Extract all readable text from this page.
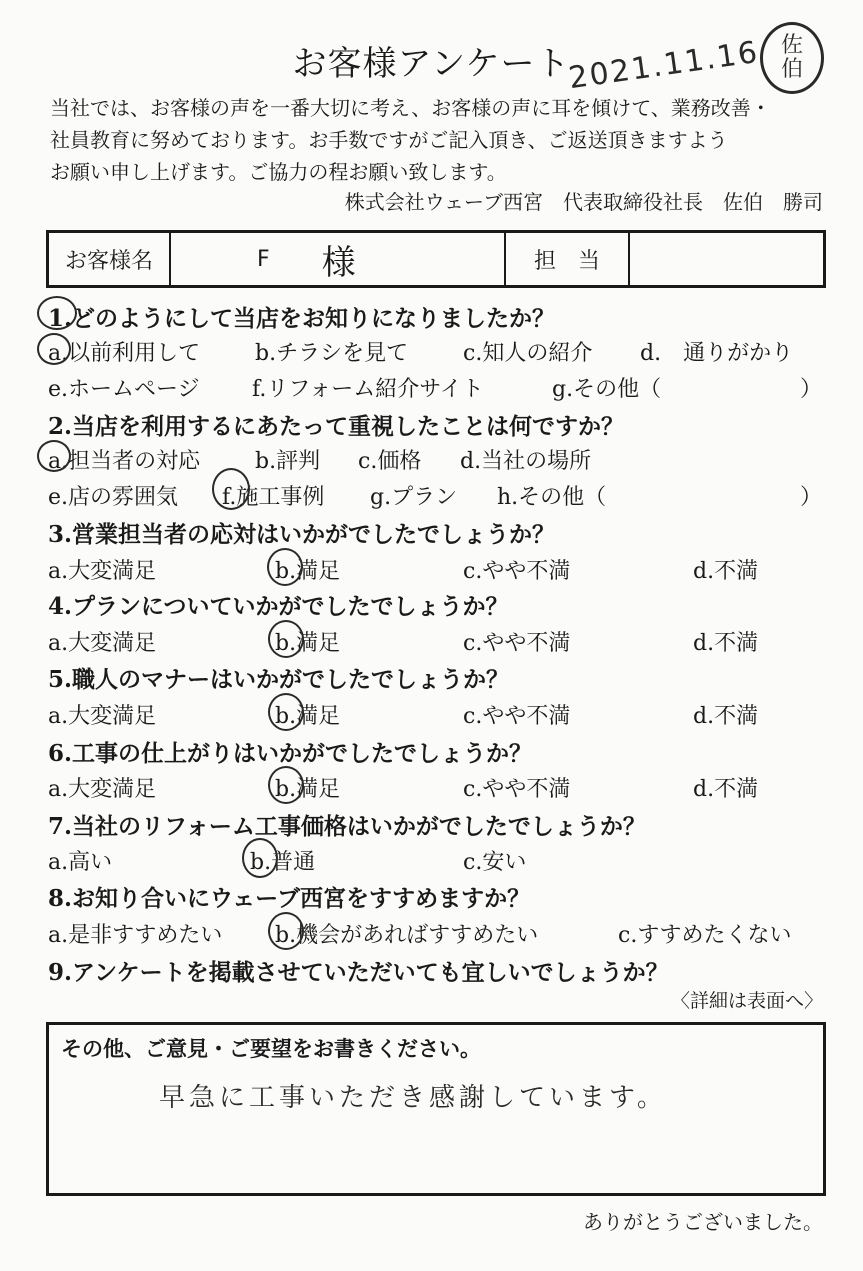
お客様アンケート
2021.11.16 佐
伯
当社では、お客様の声を一番大切に考え、お客様の声に耳を傾けて、業務改善・
社員教育に努めております。お手数ですがご記入頂き、ご返送頂きますよう
お願い申し上げます。ご協力の程お願い致します。
株式会社ウェーブ西宮　代表取締役社長　佐伯　勝司
お客様名	F 様	担　当
1.どのようにして当店をお知りになりましたか？
a.以前利用して b.チラシを見て c.知人の紹介 d.　通りがかり
e.ホームページ f.リフォーム紹介サイト	g.その他（	）
2.当店を利用するにあたって重視したことは何ですか？
a.担当者の対応 b.評判 c.価格 d.当社の場所
e.店の雰囲気 f.施工事例 g.プラン h.その他（	）
3.営業担当者の応対はいかがでしたでしょうか？
a.大変満足	b.満足	c.やや不満	d.不満
4.プランについていかがでしたでしょうか？
a.大変満足	b.満足	c.やや不満	d.不満
5.職人のマナーはいかがでしたでしょうか？
a.大変満足	b.満足	c.やや不満	d.不満
6.工事の仕上がりはいかがでしたでしょうか？
a.大変満足	b.満足	c.やや不満	d.不満
7.当社のリフォーム工事価格はいかがでしたでしょうか？
a.高い	b.普通	c.安い
8.お知り合いにウェーブ西宮をすすめますか？
a.是非すすめたい b.機会があればすすめたい	c.すすめたくない
9.アンケートを掲載させていただいても宜しいでしょうか？
〈詳細は表面へ〉
その他、ご意見・ご要望をお書きください。
早急に工事いただき感謝しています。
ありがとうございました。
